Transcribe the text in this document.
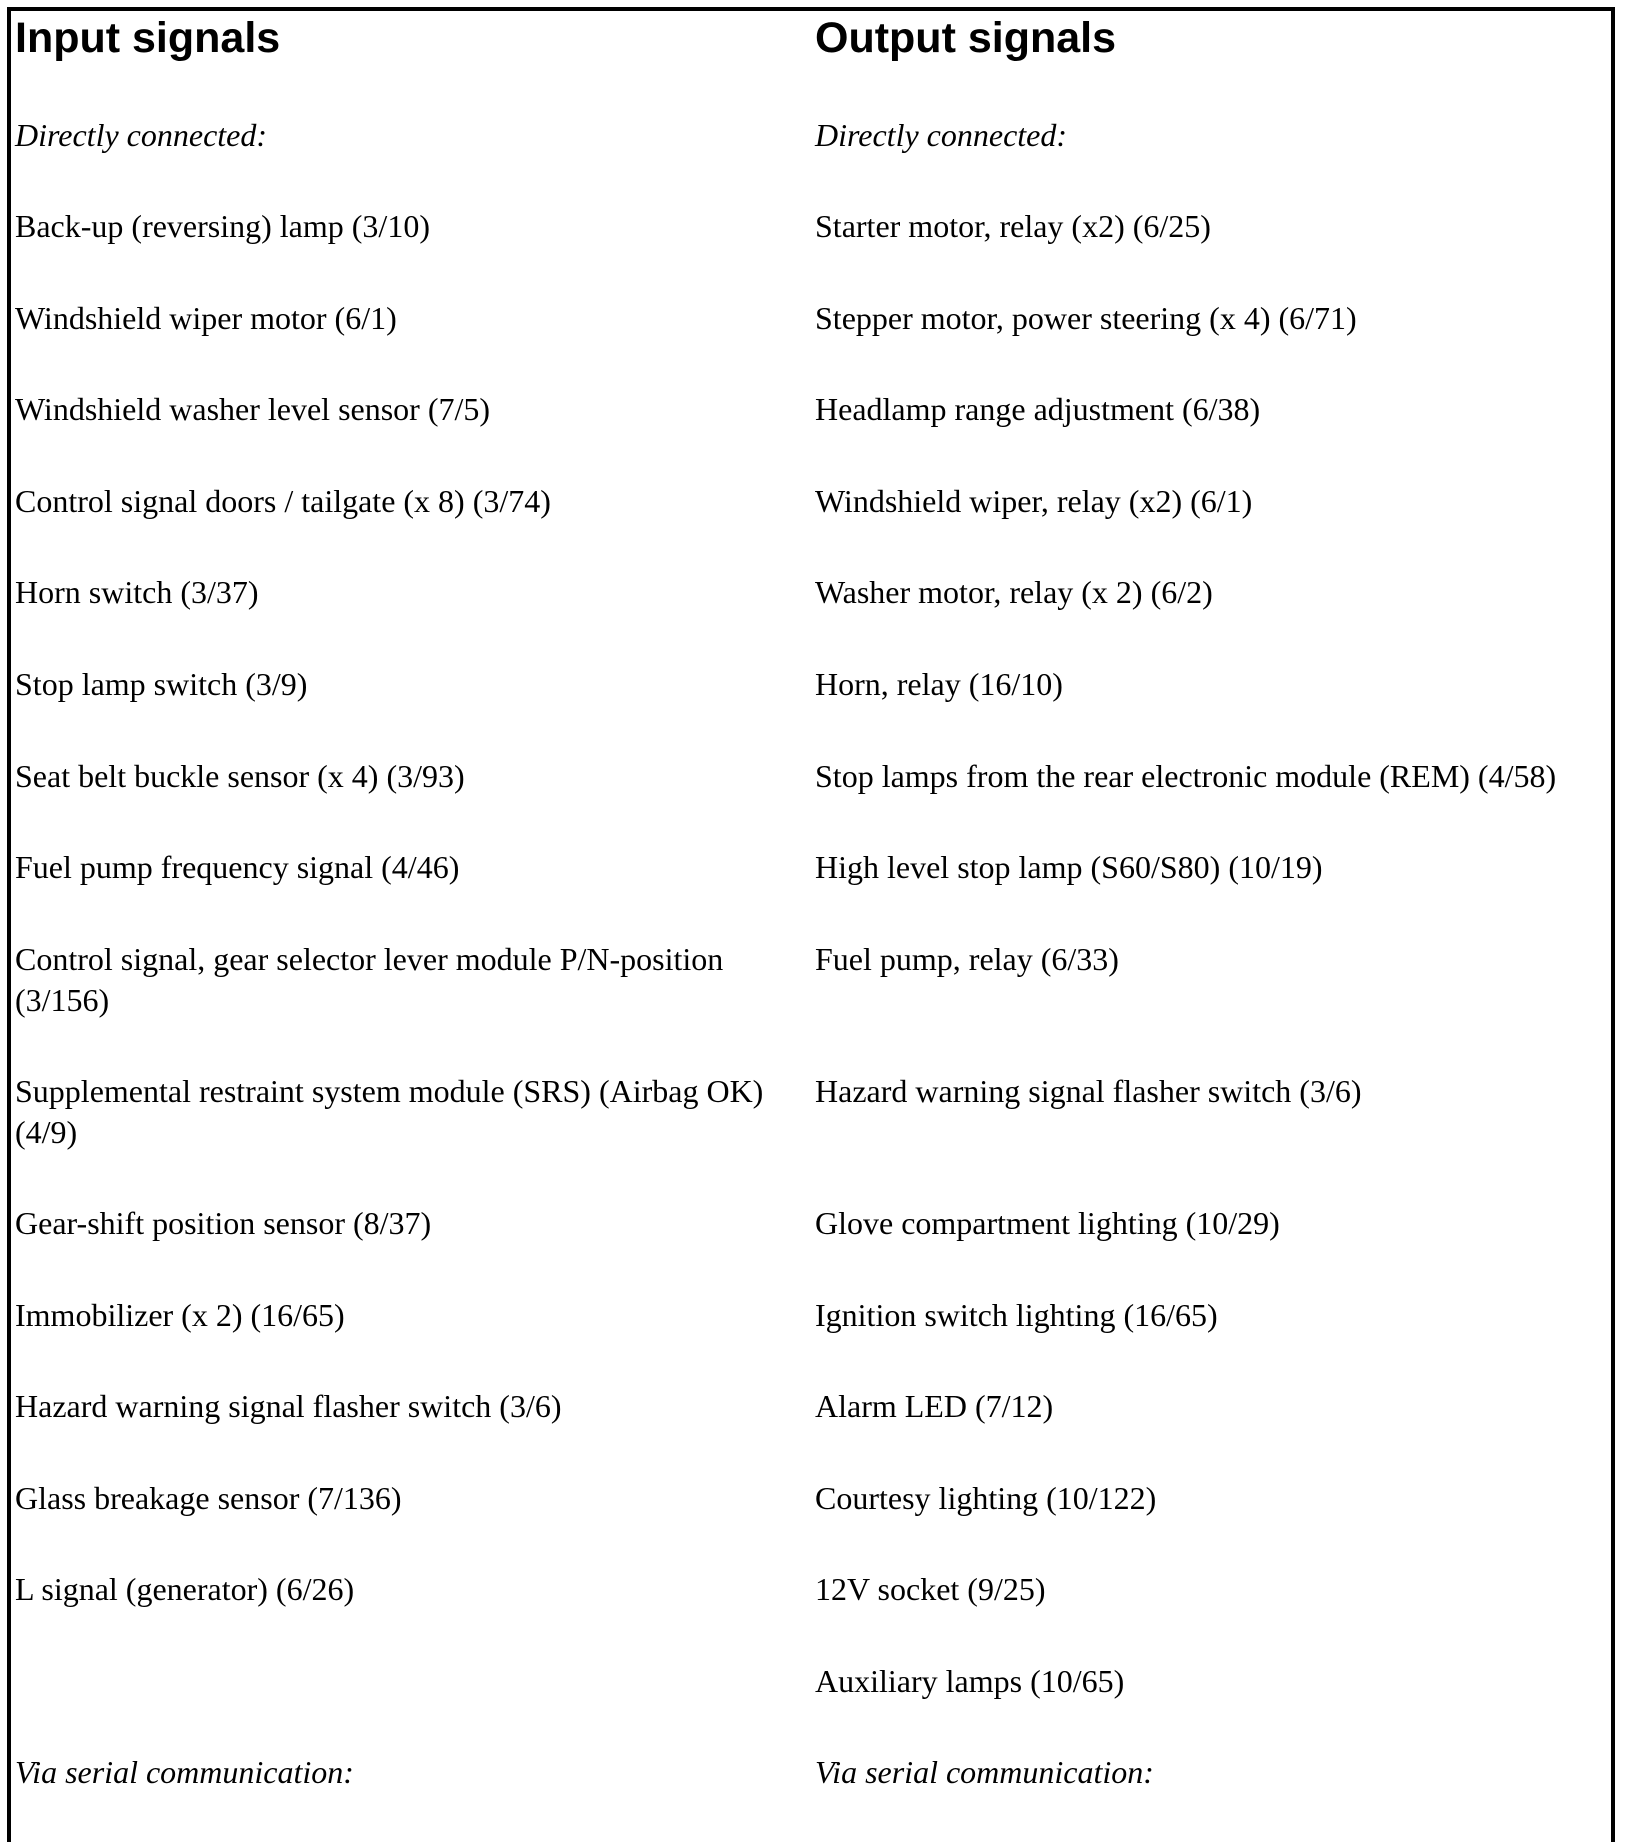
Input signals
Directly connected:
Back-up (reversing) lamp (3/10)
Windshield wiper motor (6/1)
Windshield washer level sensor (7/5)
Control signal doors / tailgate (x 8) (3/74)
Horn switch (3/37)
Stop lamp switch (3/9)
Seat belt buckle sensor (x 4) (3/93)
Fuel pump frequency signal (4/46)
Control signal, gear selector lever module P/N-position (3/156)
Supplemental restraint system module (SRS) (Airbag OK) (4/9)
Gear-shift position sensor (8/37)
Immobilizer (x 2) (16/65)
Hazard warning signal flasher switch (3/6)
Glass breakage sensor (7/136)
L signal (generator) (6/26)
Via serial communication:
Output signals
Directly connected:
Starter motor, relay (x2) (6/25)
Stepper motor, power steering (x 4) (6/71)
Headlamp range adjustment (6/38)
Windshield wiper, relay (x2) (6/1)
Washer motor, relay (x 2) (6/2)
Horn, relay (16/10)
Stop lamps from the rear electronic module (REM) (4/58)
High level stop lamp (S60/S80) (10/19)
Fuel pump, relay (6/33)
Hazard warning signal flasher switch (3/6)
Glove compartment lighting (10/29)
Ignition switch lighting (16/65)
Alarm LED (7/12)
Courtesy lighting (10/122)
12V socket (9/25)
Auxiliary lamps (10/65)
Via serial communication:
